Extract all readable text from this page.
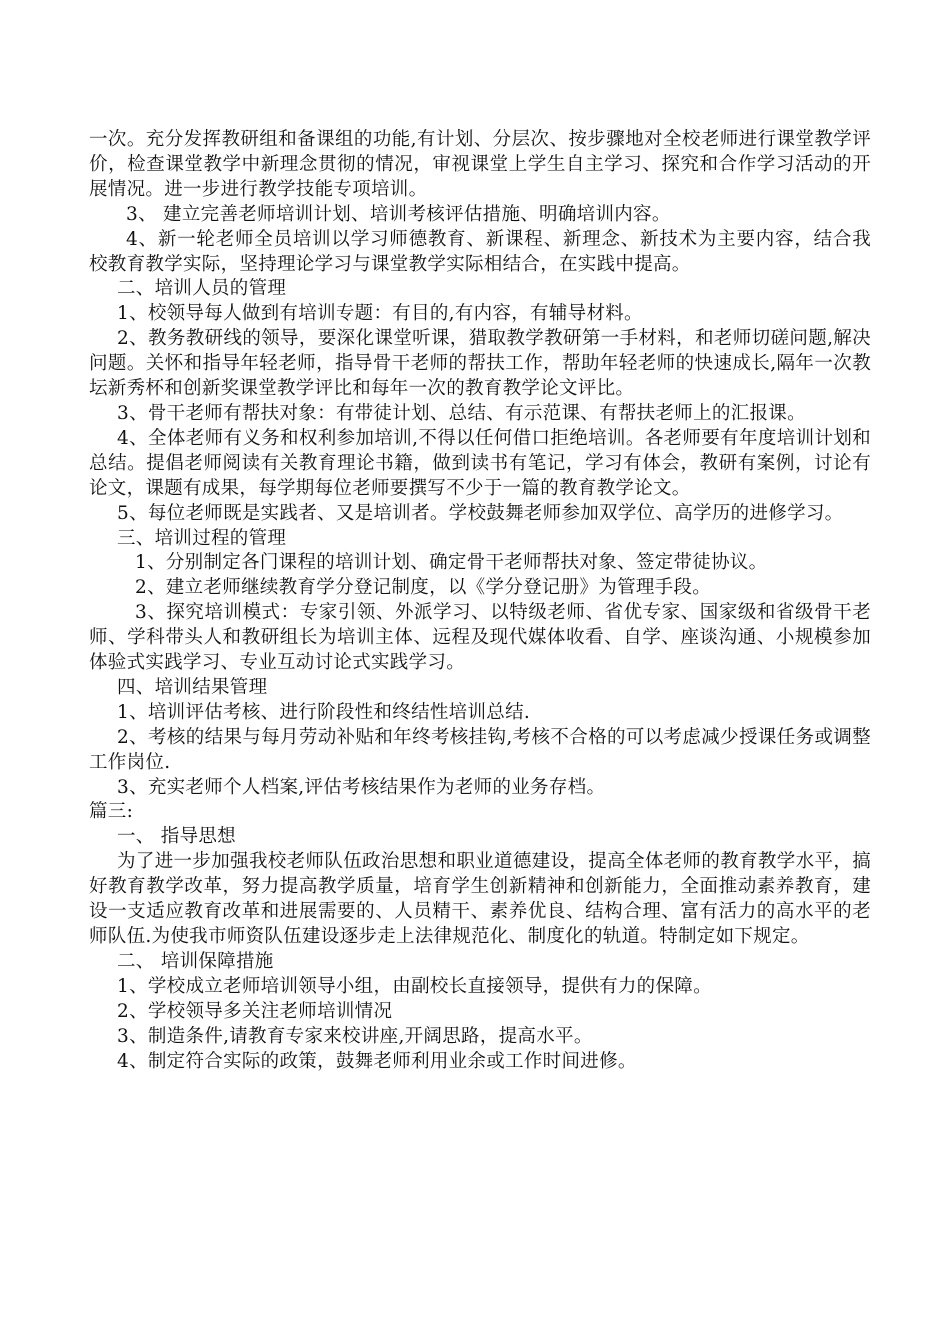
一次。充分发挥教研组和备课组的功能,有计划、分层次、按步骤地对全校老师进行课堂教学评价，检查课堂教学中新理念贯彻的情况，审视课堂上学生自主学习、探究和合作学习活动的开展情况。进一步进行教学技能专项培训。

3、 建立完善老师培训计划、培训考核评估措施、明确培训内容。

4、新一轮老师全员培训以学习师德教育、新课程、新理念、新技术为主要内容，结合我校教育教学实际，坚持理论学习与课堂教学实际相结合，在实践中提高。

二、培训人员的管理

1、校领导每人做到有培训专题：有目的,有内容，有辅导材料。

2、教务教研线的领导，要深化课堂听课，猎取教学教研第一手材料，和老师切磋问题,解决问题。关怀和指导年轻老师，指导骨干老师的帮扶工作，帮助年轻老师的快速成长,隔年一次教坛新秀杯和创新奖课堂教学评比和每年一次的教育教学论文评比。

3、骨干老师有帮扶对象：有带徒计划、总结、有示范课、有帮扶老师上的汇报课。

4、全体老师有义务和权利参加培训,不得以任何借口拒绝培训。各老师要有年度培训计划和总结。提倡老师阅读有关教育理论书籍，做到读书有笔记，学习有体会，教研有案例，讨论有论文，课题有成果，每学期每位老师要撰写不少于一篇的教育教学论文。

5、每位老师既是实践者、又是培训者。学校鼓舞老师参加双学位、高学历的进修学习。

三、培训过程的管理

1、分别制定各门课程的培训计划、确定骨干老师帮扶对象、签定带徒协议。

2、建立老师继续教育学分登记制度，以《学分登记册》为管理手段。

3、探究培训模式：专家引领、外派学习、以特级老师、省优专家、国家级和省级骨干老师、学科带头人和教研组长为培训主体、远程及现代媒体收看、自学、座谈沟通、小规模参加体验式实践学习、专业互动讨论式实践学习。

四、培训结果管理

1、培训评估考核、进行阶段性和终结性培训总结.

2、考核的结果与每月劳动补贴和年终考核挂钩,考核不合格的可以考虑减少授课任务或调整工作岗位.

3、充实老师个人档案,评估考核结果作为老师的业务存档。

篇三:

一、 指导思想

为了进一步加强我校老师队伍政治思想和职业道德建设，提高全体老师的教育教学水平，搞好教育教学改革，努力提高教学质量，培育学生创新精神和创新能力，全面推动素养教育，建设一支适应教育改革和进展需要的、人员精干、素养优良、结构合理、富有活力的高水平的老师队伍.为使我市师资队伍建设逐步走上法律规范化、制度化的轨道。特制定如下规定。

二、 培训保障措施

1、学校成立老师培训领导小组，由副校长直接领导，提供有力的保障。

2、学校领导多关注老师培训情况

3、制造条件,请教育专家来校讲座,开阔思路，提高水平。

4、制定符合实际的政策，鼓舞老师利用业余或工作时间进修。
